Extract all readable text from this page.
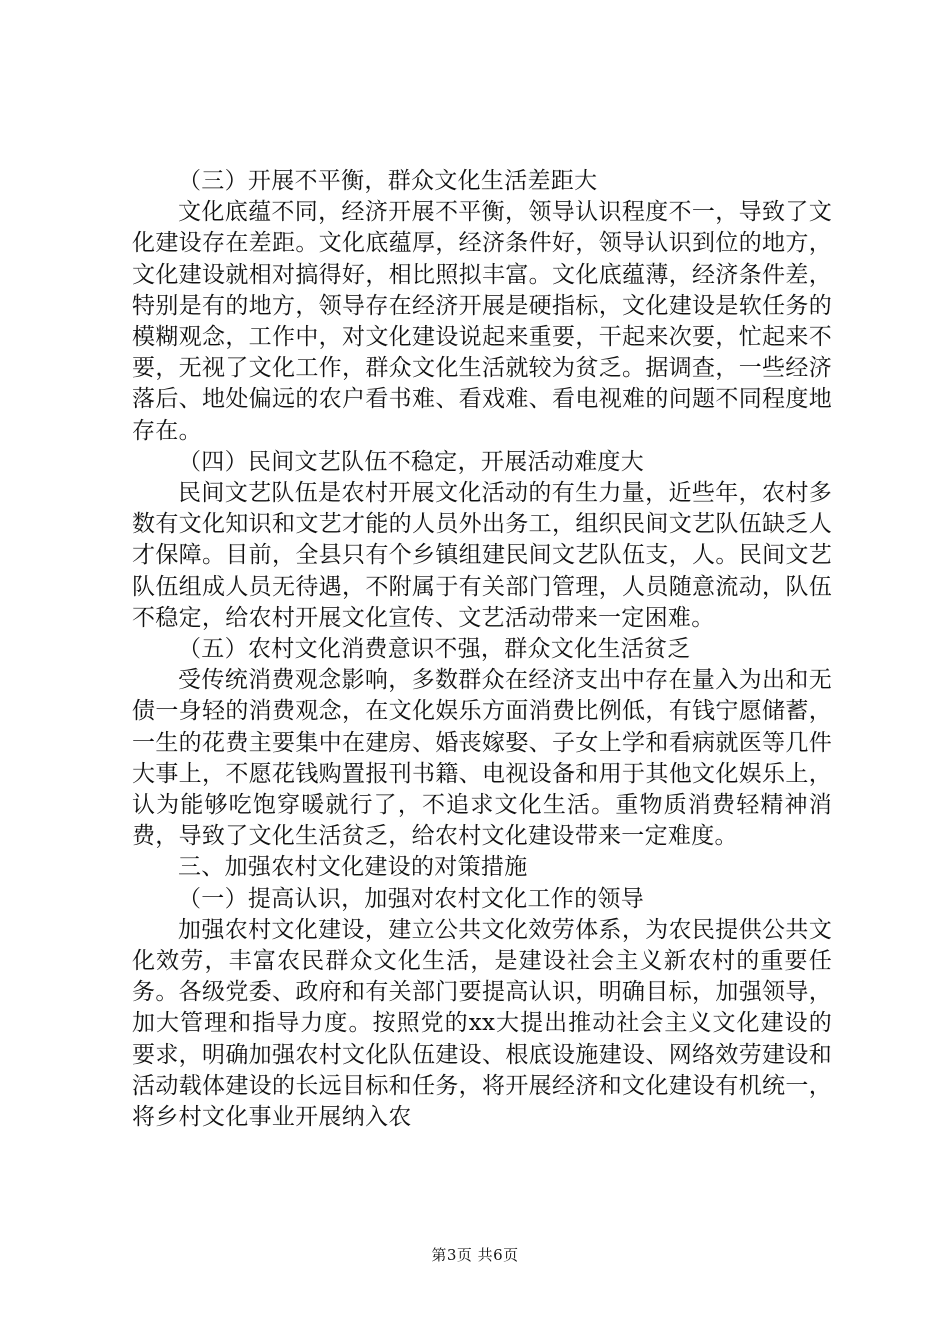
（三）开展不平衡，群众文化生活差距大
文化底蕴不同，经济开展不平衡，领导认识程度不一，导致了文化建设存在差距。文化底蕴厚，经济条件好，领导认识到位的地方，文化建设就相对搞得好，相比照拟丰富。文化底蕴薄，经济条件差，特别是有的地方，领导存在经济开展是硬指标，文化建设是软任务的模糊观念，工作中，对文化建设说起来重要，干起来次要，忙起来不要，无视了文化工作，群众文化生活就较为贫乏。据调查，一些经济落后、地处偏远的农户看书难、看戏难、看电视难的问题不同程度地存在。
（四）民间文艺队伍不稳定，开展活动难度大
民间文艺队伍是农村开展文化活动的有生力量，近些年，农村多数有文化知识和文艺才能的人员外出务工，组织民间文艺队伍缺乏人才保障。目前，全县只有个乡镇组建民间文艺队伍支，人。民间文艺队伍组成人员无待遇，不附属于有关部门管理，人员随意流动，队伍不稳定，给农村开展文化宣传、文艺活动带来一定困难。
（五）农村文化消费意识不强，群众文化生活贫乏
受传统消费观念影响，多数群众在经济支出中存在量入为出和无债一身轻的消费观念，在文化娱乐方面消费比例低，有钱宁愿储蓄，一生的花费主要集中在建房、婚丧嫁娶、子女上学和看病就医等几件大事上，不愿花钱购置报刊书籍、电视设备和用于其他文化娱乐上，认为能够吃饱穿暖就行了，不追求文化生活。重物质消费轻精神消费，导致了文化生活贫乏，给农村文化建设带来一定难度。
三、加强农村文化建设的对策措施
（一）提高认识，加强对农村文化工作的领导
加强农村文化建设，建立公共文化效劳体系，为农民提供公共文化效劳，丰富农民群众文化生活，是建设社会主义新农村的重要任务。各级党委、政府和有关部门要提高认识，明确目标，加强领导，加大管理和指导力度。按照党的xx大提出推动社会主义文化建设的要求，明确加强农村文化队伍建设、根底设施建设、网络效劳建设和活动载体建设的长远目标和任务，将开展经济和文化建设有机统一，将乡村文化事业开展纳入农
第3页 共6页
